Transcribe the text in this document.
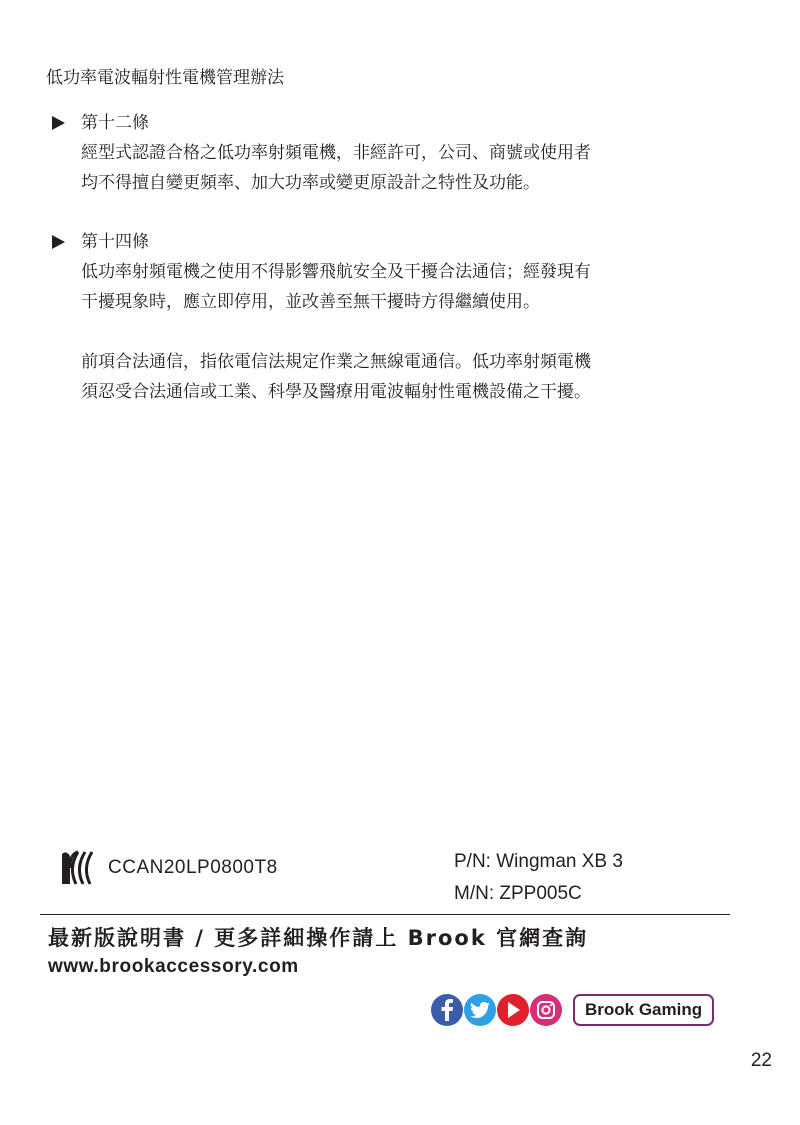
低功率電波輻射性電機管理辦法
第十二條

經型式認證合格之低功率射頻電機，非經許可，公司、商號或使用者

均不得擅自變更頻率、加大功率或變更原設計之特性及功能。

第十四條

低功率射頻電機之使用不得影響飛航安全及干擾合法通信；經發現有

干擾現象時，應立即停用，並改善至無干擾時方得繼續使用。

前項合法通信，指依電信法規定作業之無線電通信。低功率射頻電機

須忍受合法通信或工業、科學及醫療用電波輻射性電機設備之干擾。

CCAN20LP0800T8	P/N: Wingman XB 3
M/N: ZPP005C
最新版說明書 / 更多詳細操作請上 Brook 官網查詢
www.brookaccessory.com
Brook Gaming
22
